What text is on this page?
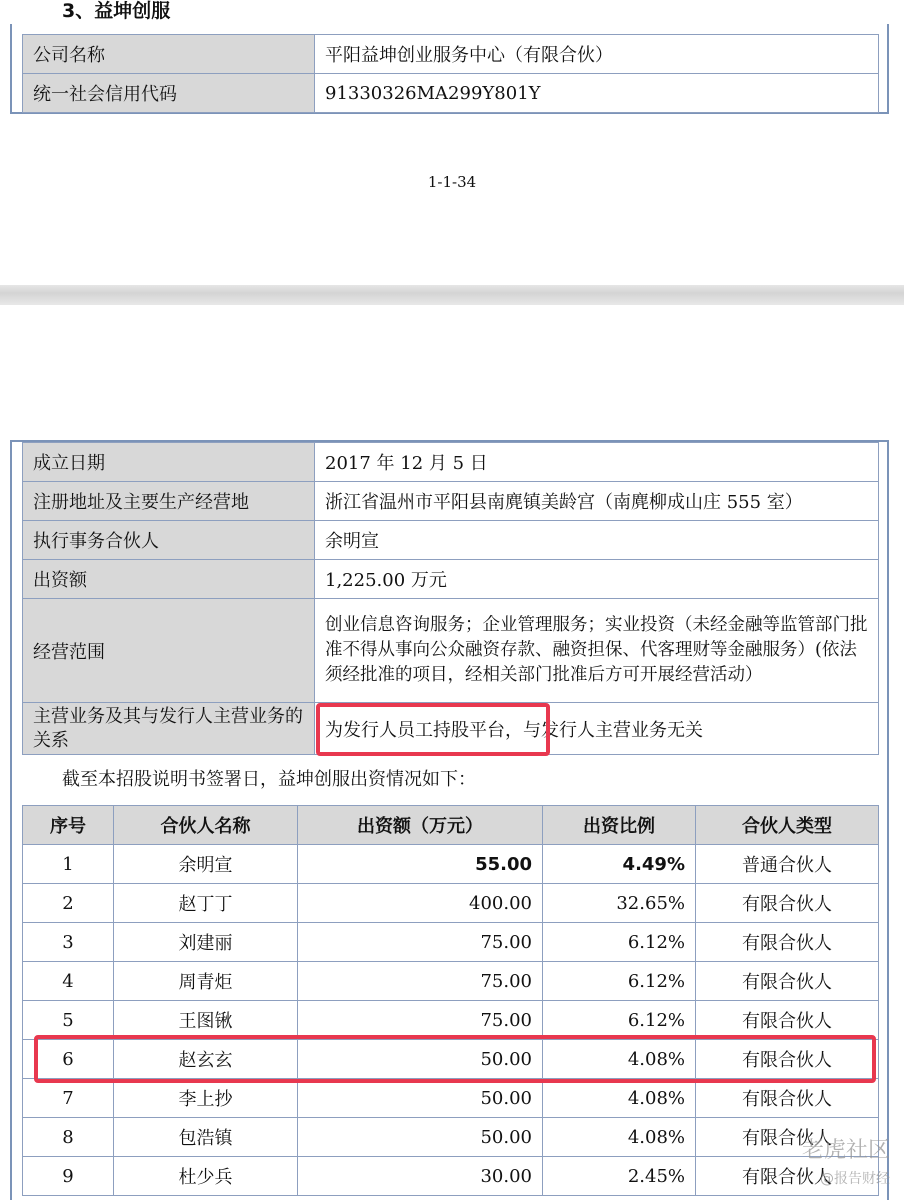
3、益坤创服
公司名称	平阳益坤创业服务中心（有限合伙）
统一社会信用代码	91330326MA299Y801Y
1-1-34
成立日期	2017 年 12 月 5 日
注册地址及主要生产经营地	浙江省温州市平阳县南麂镇美龄宫（南麂柳成山庄 555 室）
执行事务合伙人	余明宣
出资额	1,225.00 万元
经营范围	创业信息咨询服务；企业管理服务；实业投资（未经金融等监管部门批准不得从事向公众融资存款、融资担保、代客理财等金融服务）(依法须经批准的项目，经相关部门批准后方可开展经营活动）
主营业务及其与发行人主营业务的关系	为发行人员工持股平台，与发行人主营业务无关
截至本招股说明书签署日，益坤创服出资情况如下：
序号	合伙人名称	出资额（万元）	出资比例	合伙人类型
1	余明宣	55.00	4.49%	普通合伙人
2	赵丁丁	400.00	32.65%	有限合伙人
3	刘建丽	75.00	6.12%	有限合伙人
4	周青炬	75.00	6.12%	有限合伙人
5	王图锹	75.00	6.12%	有限合伙人
6	赵玄玄	50.00	4.08%	有限合伙人
7	李上抄	50.00	4.08%	有限合伙人
8	包浩镇	50.00	4.08%	有限合伙人
9	杜少兵	30.00	2.45%	有限合伙人
老虎社区
@报告财经
